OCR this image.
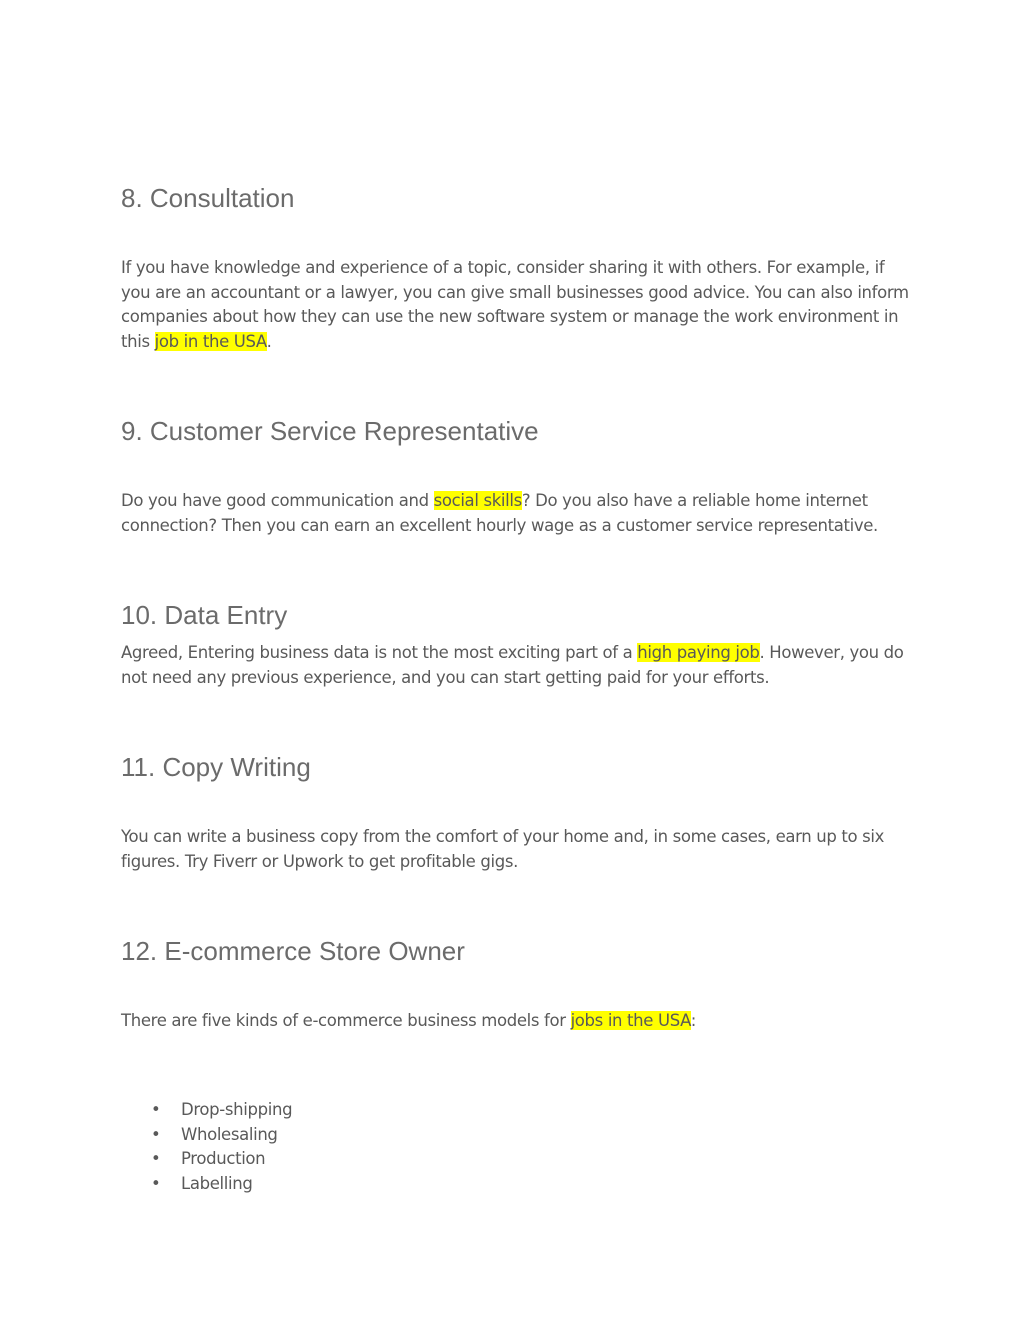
8. Consultation

If you have knowledge and experience of a topic, consider sharing it with others. For example, if you are an accountant or a lawyer, you can give small businesses good advice. You can also inform companies about how they can use the new software system or manage the work environment in this job in the USA.

9. Customer Service Representative

Do you have good communication and social skills? Do you also have a reliable home internet connection? Then you can earn an excellent hourly wage as a customer service representative.

10. Data Entry

Agreed, Entering business data is not the most exciting part of a high paying job. However, you do not need any previous experience, and you can start getting paid for your efforts.

11. Copy Writing

You can write a business copy from the comfort of your home and, in some cases, earn up to six figures. Try Fiverr or Upwork to get profitable gigs.

12. E-commerce Store Owner

There are five kinds of e-commerce business models for jobs in the USA:

• Drop-shipping
• Wholesaling
• Production
• Labelling
